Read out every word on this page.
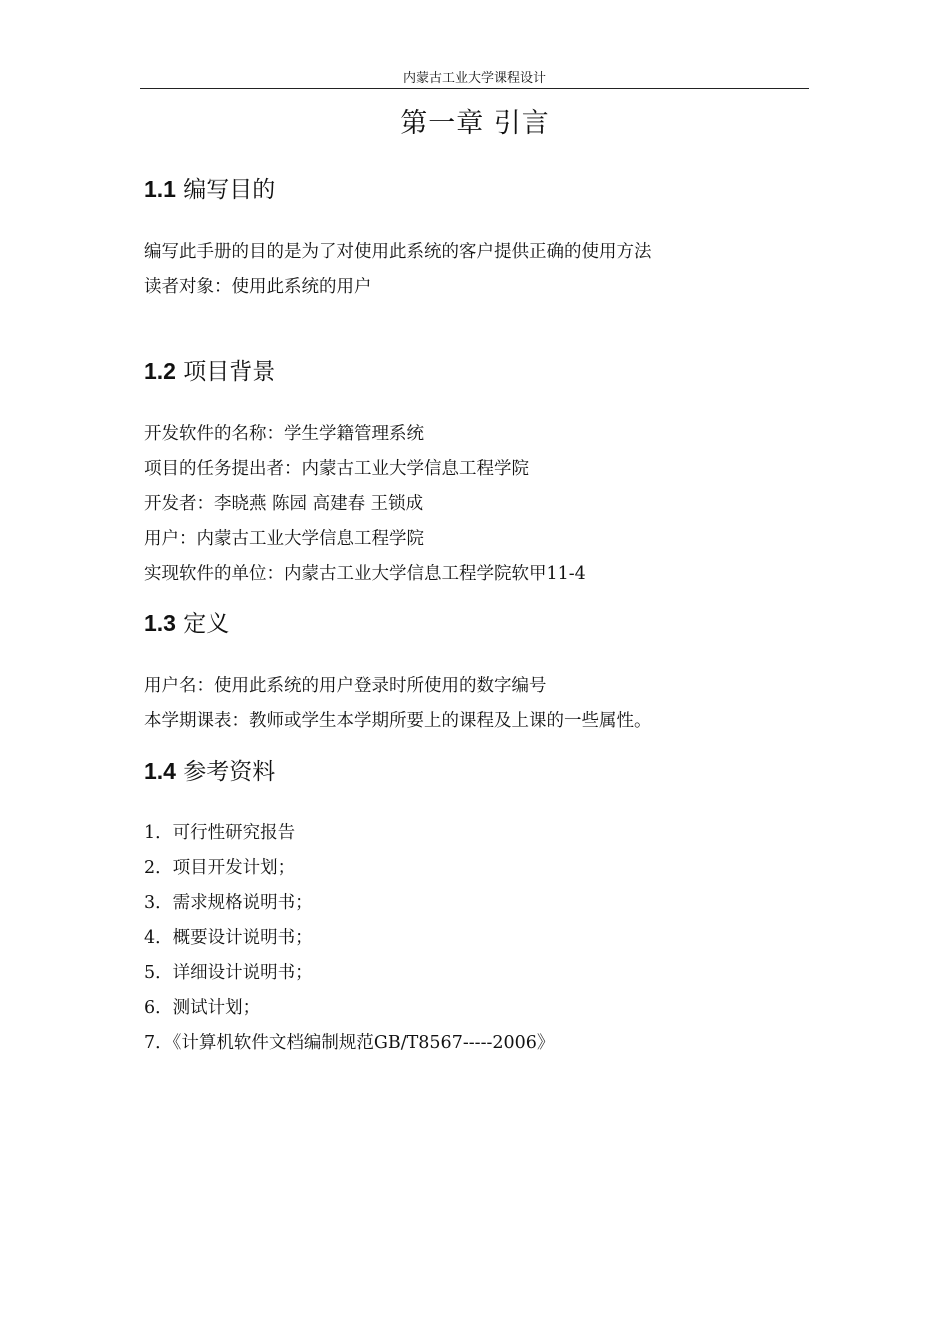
内蒙古工业大学课程设计
第一章 引言
1.1 编写目的
编写此手册的目的是为了对使用此系统的客户提供正确的使用方法
读者对象：使用此系统的用户
1.2 项目背景
开发软件的名称：学生学籍管理系统
项目的任务提出者：内蒙古工业大学信息工程学院
开发者：李晓燕 陈园 高建春 王锁成
用户：内蒙古工业大学信息工程学院
实现软件的单位：内蒙古工业大学信息工程学院软甲11-4
1.3 定义
用户名：使用此系统的用户登录时所使用的数字编号
本学期课表：教师或学生本学期所要上的课程及上课的一些属性。
1.4 参考资料
1．可行性研究报告
2．项目开发计划；
3．需求规格说明书；
4．概要设计说明书；
5．详细设计说明书；
6．测试计划；
7．《计算机软件文档编制规范GB/T8567-----2006》
